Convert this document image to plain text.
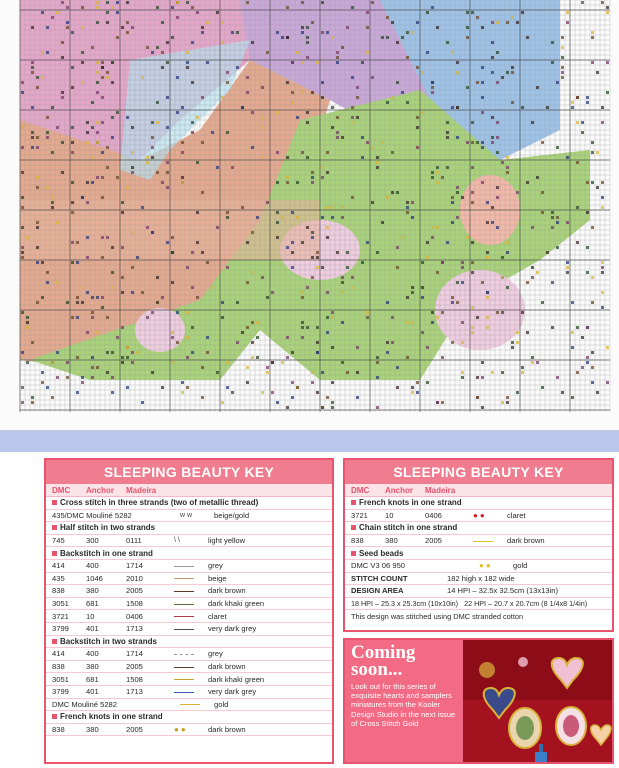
SLEEPING BEAUTY KEY
DMC	Anchor	Madeira
Cross stitch in three strands (two of metallic thread)
435/DMC Mouliné 5282	w w	beige/gold
Half stitch in two strands
745	300	0111	\ \	light yellow
Backstitch in one strand
414	400	1714	grey
435	1046	2010	beige
838	380	2005	dark brown
3051	681	1508	dark khaki green
3721	10	0406	claret
3799	401	1713	very dark grey
Backstitch in two strands
414	400	1714	grey
838	380	2005	dark brown
3051	681	1508	dark khaki green
3799	401	1713	very dark grey
DMC Mouliné 5282	gold
French knots in one strand
838	380	2005	●●	dark brown
SLEEPING BEAUTY KEY
DMC	Anchor	Madeira
French knots in one strand
3721	10	0406	●●	claret
Chain stitch in one strand
838	380	2005	dark brown
Seed beads
DMC V3 06 950	●●	gold
STITCH COUNT	182 high x 182 wide
DESIGN AREA	14 HPI – 32.5x 32.5cm (13x13in)
18 HPI – 25.3 x 25.3cm (10x10in) 22 HPI – 20.7 x 20.7cm (8 1/4x8 1/4in)
This design was stitched using DMC stranded cotton
Coming
soon...
Look out for this series of exquisite hearts and samplers miniatures from the Kooler Design Studio in the next issue of Cross Stitch Gold
